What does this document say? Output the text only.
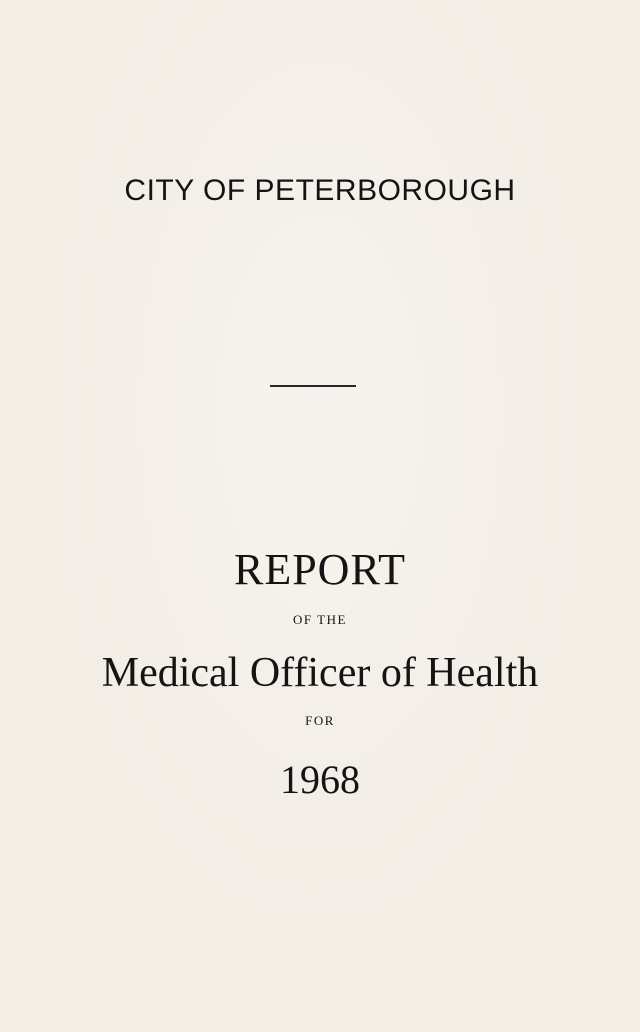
CITY OF PETERBOROUGH
REPORT
OF THE
Medical Officer of Health
FOR
1968
